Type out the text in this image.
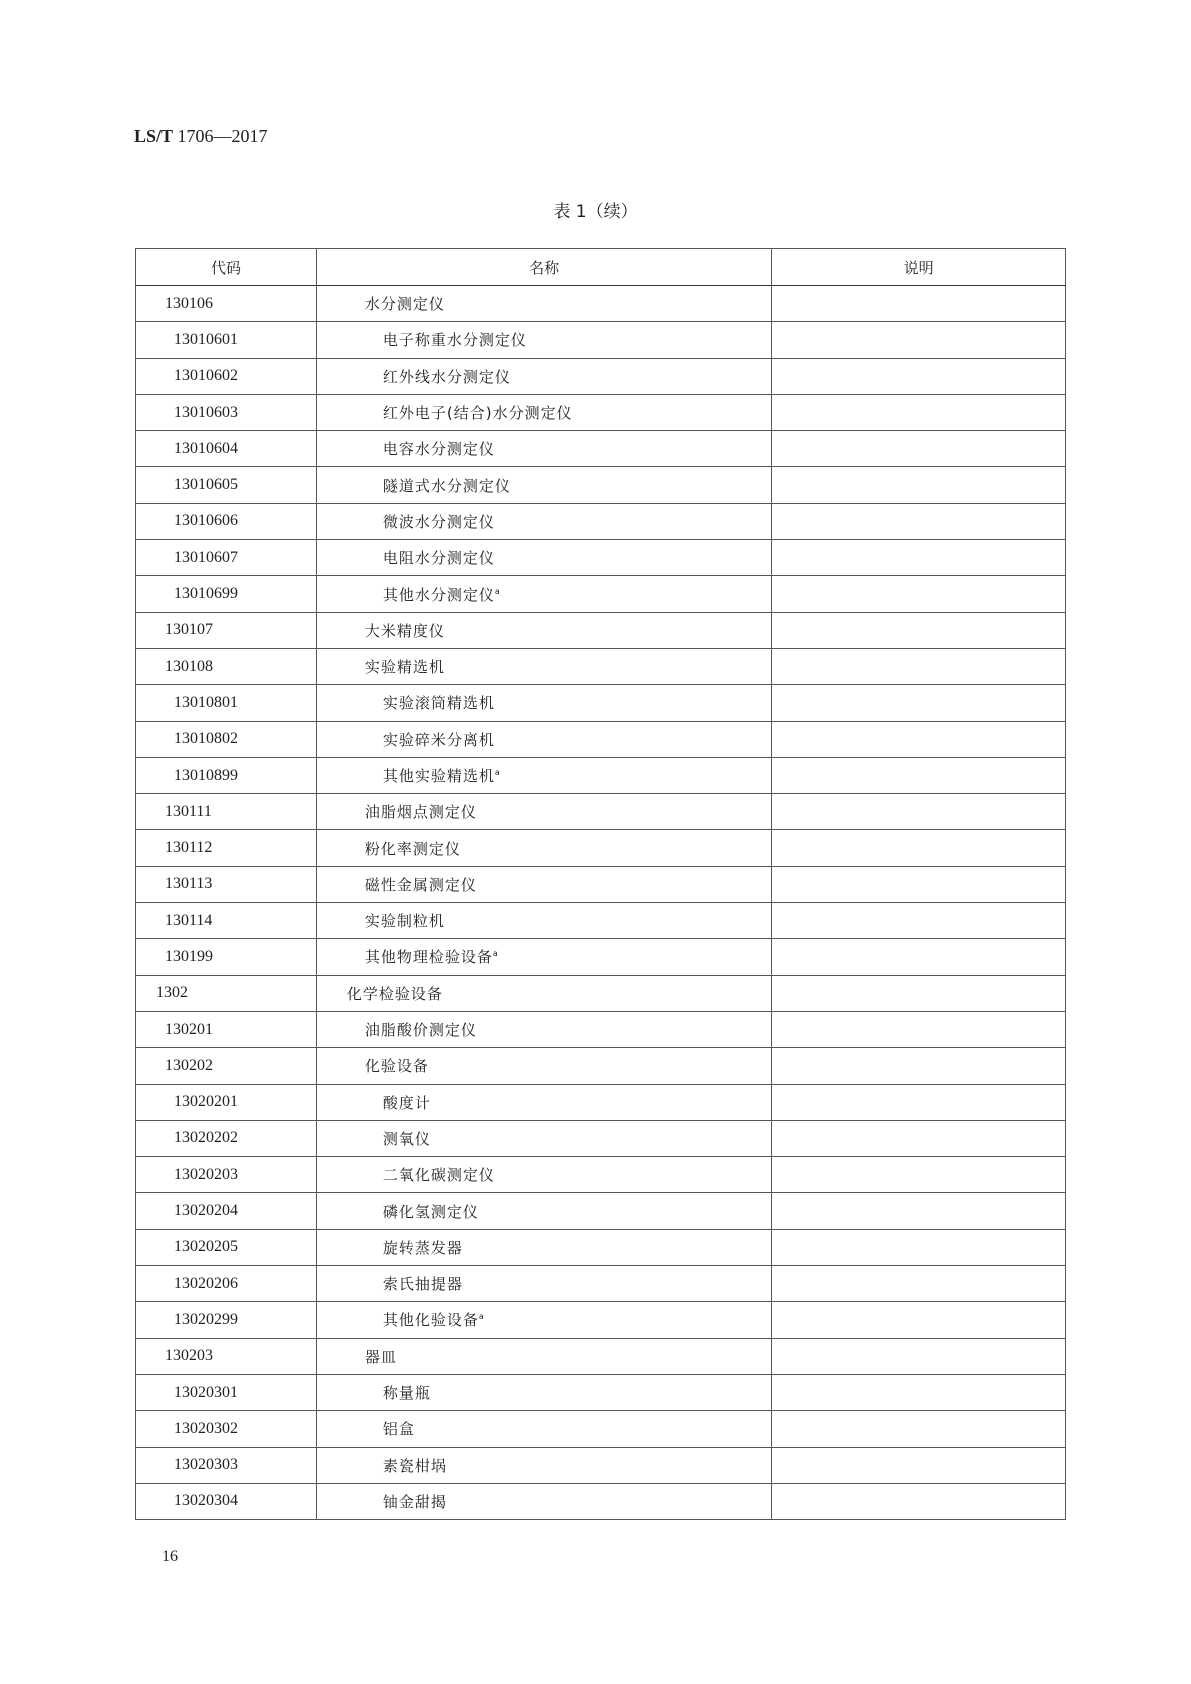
LS/T 1706—2017
表 1（续）
代码	名称	说明
130106	水分测定仪	
13010601	电子称重水分测定仪	
13010602	红外线水分测定仪	
13010603	红外电子(结合)水分测定仪	
13010604	电容水分测定仪	
13010605	隧道式水分测定仪	
13010606	微波水分测定仪	
13010607	电阻水分测定仪	
13010699	其他水分测定仪$^a$	
130107	大米精度仪	
130108	实验精选机	
13010801	实验滚筒精选机	
13010802	实验碎米分离机	
13010899	其他实验精选机$^a$	
130111	油脂烟点测定仪	
130112	粉化率测定仪	
130113	磁性金属测定仪	
130114	实验制粒机	
130199	其他物理检验设备$^a$	
1302	化学检验设备	
130201	油脂酸价测定仪	
130202	化验设备	
13020201	酸度计	
13020202	测氧仪	
13020203	二氧化碳测定仪	
13020204	磷化氢测定仪	
13020205	旋转蒸发器	
13020206	索氏抽提器	
13020299	其他化验设备$^a$	
130203	器皿	
13020301	称量瓶	
13020302	铝盒	
13020303	素瓷柑埚	
13020304	铀金甜揭	
16
